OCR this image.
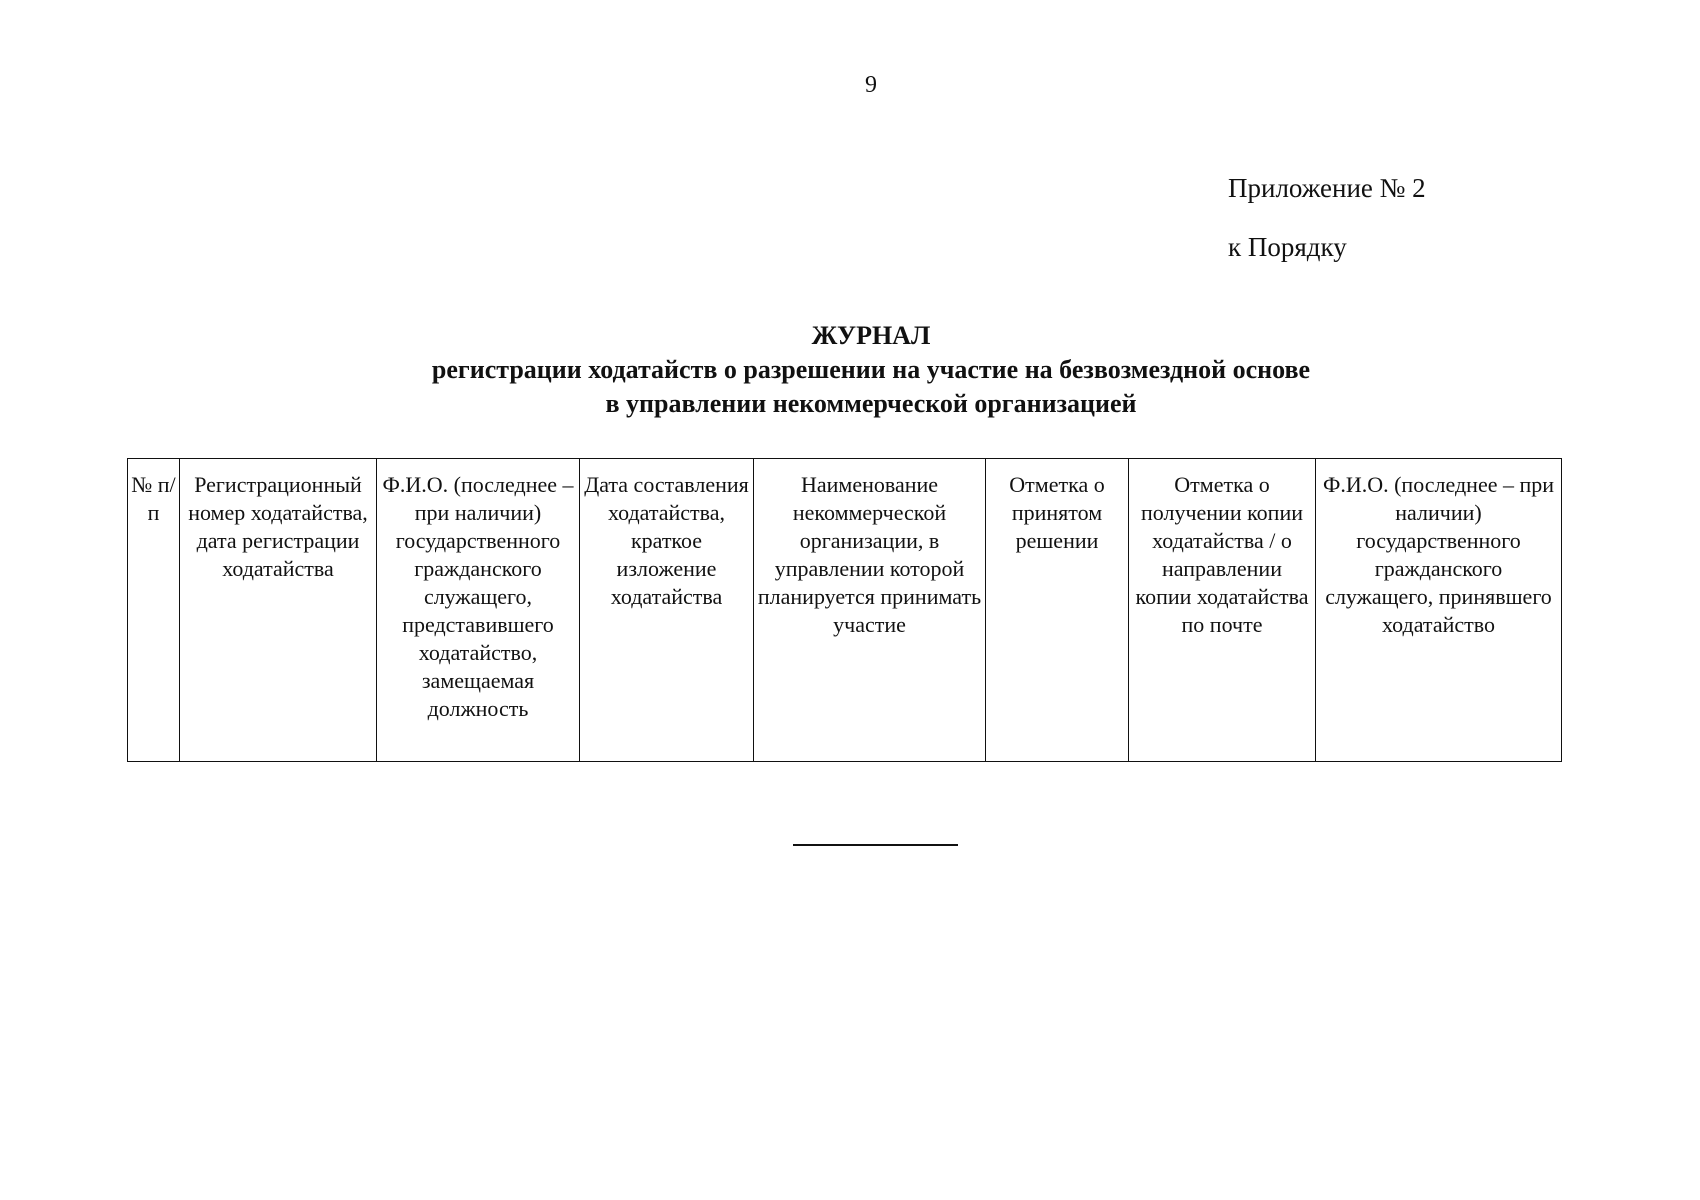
9
Приложение № 2
к Порядку
ЖУРНАЛ
регистрации ходатайств о разрешении на участие на безвозмездной основе
в управлении некоммерческой организацией
№ п/п	Регистрационный номер ходатайства, дата регистрации ходатайства	Ф.И.О. (последнее – при наличии) государственного гражданского служащего, представившего ходатайство, замещаемая должность	Дата составления ходатайства, краткое изложение ходатайства	Наименование некоммерческой организации, в управлении которой планируется принимать участие	Отметка о принятом решении	Отметка о получении копии ходатайства / о направлении копии ходатайства по почте	Ф.И.О. (последнее – при наличии) государственного гражданского служащего, принявшего ходатайство
